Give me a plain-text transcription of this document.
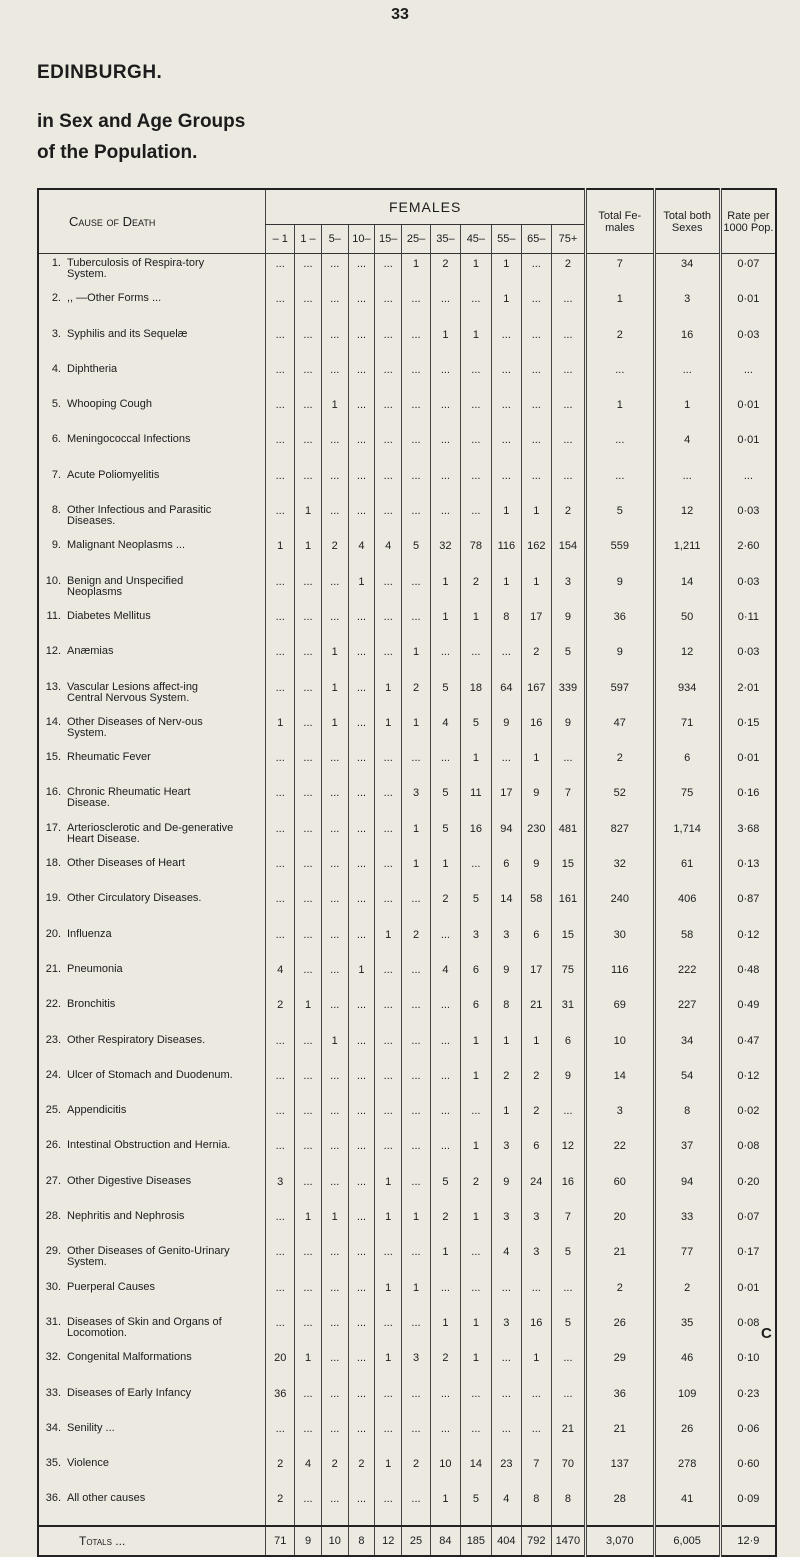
33
EDINBURGH.
in Sex and Age Groups
of the Population.
Cause of Death	FEMALES											Total Fe-males	Total both Sexes	Rate per 1000 Pop.
	– 1	1 –	5–	10–	15–	25–	35–	45–	55–	65–	75+			
1. Tuberculosis of Respira-tory System.	...	...	...	...	...	1	2	1	1	...	2	7	34	0·07
2. ,, —Other Forms ...	...	...	...	...	...	...	...	...	1	...	...	1	3	0·01
3. Syphilis and its Sequelæ	...	...	...	...	...	...	1	1	...	...	...	2	16	0·03
4. Diphtheria	...	...	...	...	...	...	...	...	...	...	...	...	...	...
5. Whooping Cough	...	...	1	...	...	...	...	...	...	...	...	1	1	0·01
6. Meningococcal Infections	...	...	...	...	...	...	...	...	...	...	...	...	4	0·01
7. Acute Poliomyelitis	...	...	...	...	...	...	...	...	...	...	...	...	...	...
8. Other Infectious and Parasitic Diseases.	...	1	...	...	...	...	...	...	1	1	2	5	12	0·03
9. Malignant Neoplasms ...	1	1	2	4	4	5	32	78	116	162	154	559	1,211	2·60
10. Benign and Unspecified Neoplasms	...	...	...	1	...	...	1	2	1	1	3	9	14	0·03
11. Diabetes Mellitus	...	...	...	...	...	...	1	1	8	17	9	36	50	0·11
12. Anæmias	...	...	1	...	...	1	...	...	...	2	5	9	12	0·03
13. Vascular Lesions affect-ing Central Nervous System.	...	...	1	...	1	2	5	18	64	167	339	597	934	2·01
14. Other Diseases of Nerv-ous System.	1	...	1	...	1	1	4	5	9	16	9	47	71	0·15
15. Rheumatic Fever	...	...	...	...	...	...	...	1	...	1	...	2	6	0·01
16. Chronic Rheumatic Heart Disease.	...	...	...	...	...	3	5	11	17	9	7	52	75	0·16
17. Arteriosclerotic and De-generative Heart Disease.	...	...	...	...	...	1	5	16	94	230	481	827	1,714	3·68
18. Other Diseases of Heart	...	...	...	...	...	1	1	...	6	9	15	32	61	0·13
19. Other Circulatory Diseases.	...	...	...	...	...	...	2	5	14	58	161	240	406	0·87
20. Influenza	...	...	...	...	1	2	...	3	3	6	15	30	58	0·12
21. Pneumonia	4	...	...	1	...	...	4	6	9	17	75	116	222	0·48
22. Bronchitis	2	1	...	...	...	...	...	6	8	21	31	69	227	0·49
23. Other Respiratory Diseases.	...	...	1	...	...	...	...	1	1	1	6	10	34	0·47
24. Ulcer of Stomach and Duodenum.	...	...	...	...	...	...	...	1	2	2	9	14	54	0·12
25. Appendicitis	...	...	...	...	...	...	...	...	1	2	...	3	8	0·02
26. Intestinal Obstruction and Hernia.	...	...	...	...	...	...	...	1	3	6	12	22	37	0·08
27. Other Digestive Diseases	3	...	...	...	1	...	5	2	9	24	16	60	94	0·20
28. Nephritis and Nephrosis	...	1	1	...	1	1	2	1	3	3	7	20	33	0·07
29. Other Diseases of Genito-Urinary System.	...	...	...	...	...	...	1	...	4	3	5	21	77	0·17
30. Puerperal Causes	...	...	...	...	1	1	...	...	...	...	...	2	2	0·01
31. Diseases of Skin and Organs of Locomotion.	...	...	...	...	...	...	1	1	3	16	5	26	35	0·08
32. Congenital Malformations	20	1	...	...	1	3	2	1	...	1	...	29	46	0·10
33. Diseases of Early Infancy	36	...	...	...	...	...	...	...	...	...	...	36	109	0·23
34. Senility ...	...	...	...	...	...	...	...	...	...	...	21	21	26	0·06
35. Violence	2	4	2	2	1	2	10	14	23	7	70	137	278	0·60
36. All other causes	2	...	...	...	...	...	1	5	4	8	8	28	41	0·09
Totals ...	71	9	10	8	12	25	84	185	404	792	1470	3,070	6,005	12·9
C
